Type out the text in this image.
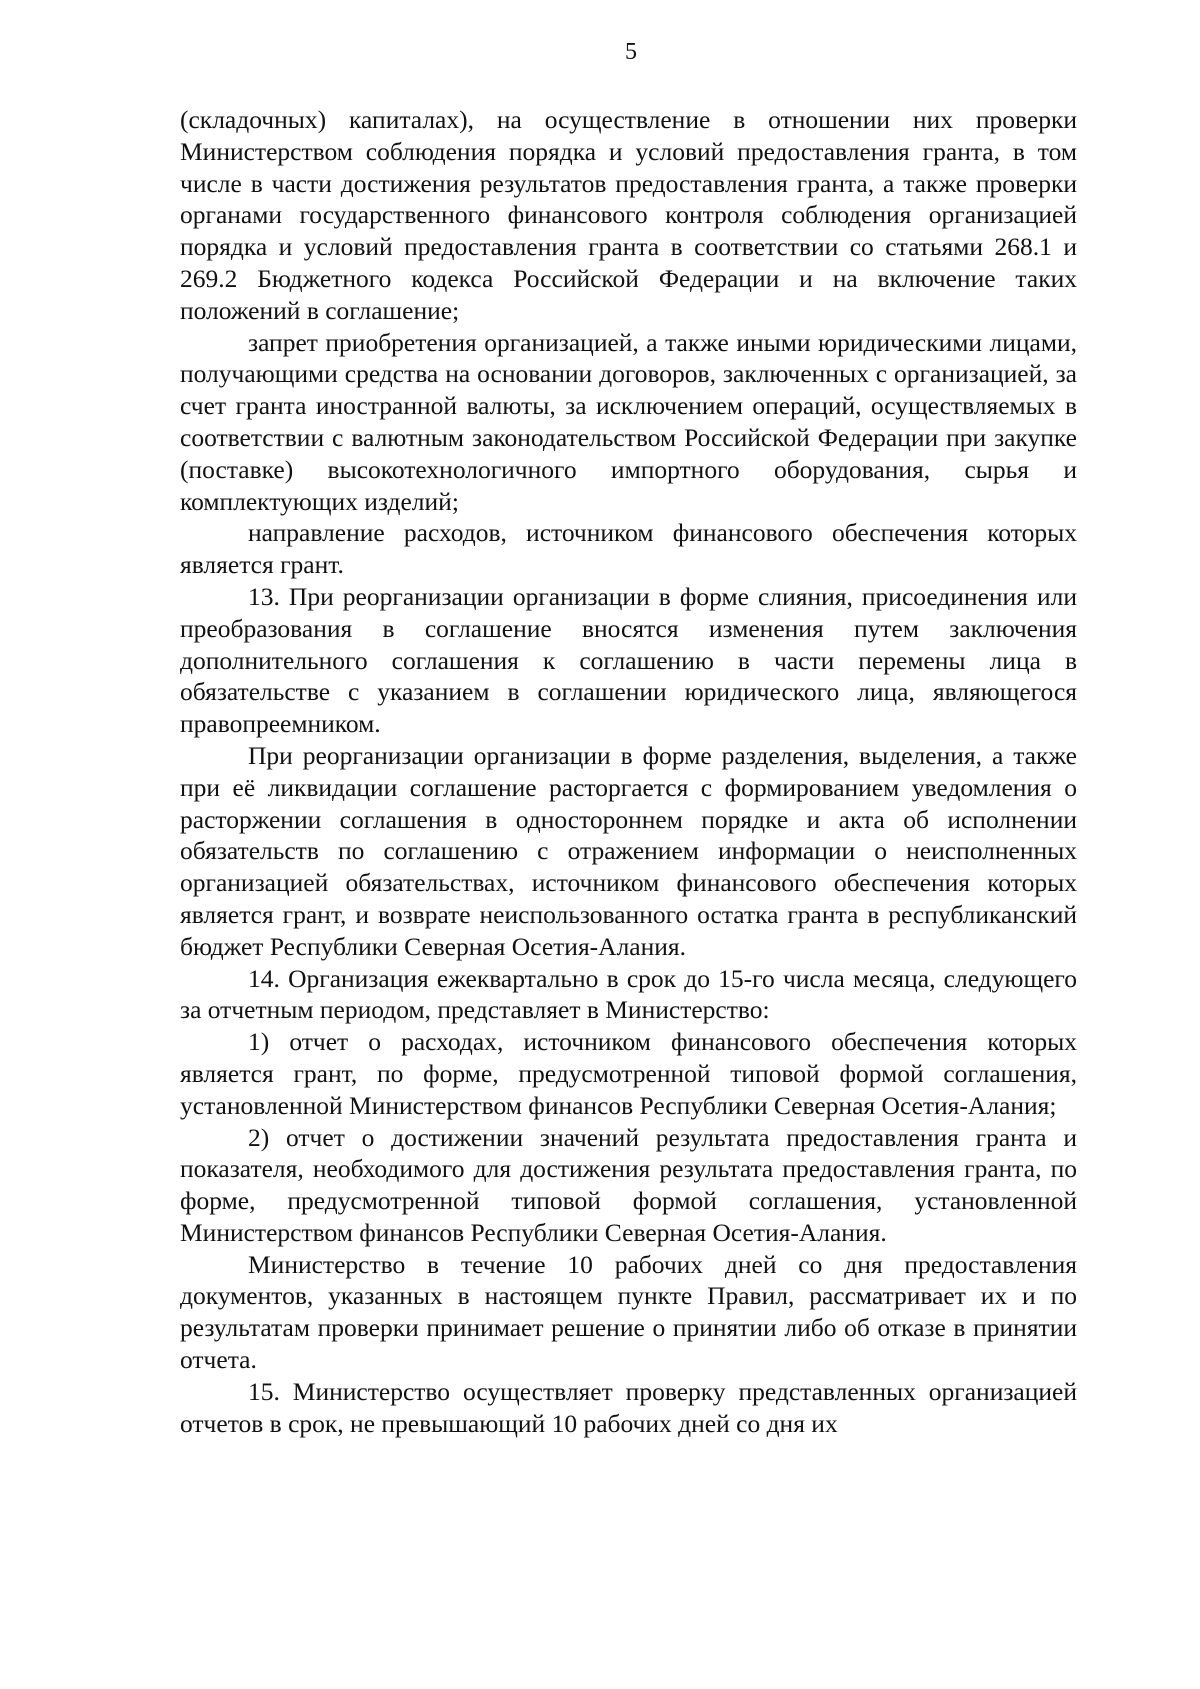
5

(складочных) капиталах), на осуществление в отношении них проверки Министерством соблюдения порядка и условий предоставления гранта, в том числе в части достижения результатов предоставления гранта, а также проверки органами государственного финансового контроля соблюдения организацией порядка и условий предоставления гранта в соответствии со статьями 268.1 и 269.2 Бюджетного кодекса Российской Федерации и на включение таких положений в соглашение;

запрет приобретения организацией, а также иными юридическими лицами, получающими средства на основании договоров, заключенных с организацией, за счет гранта иностранной валюты, за исключением операций, осуществляемых в соответствии с валютным законодательством Российской Федерации при закупке (поставке) высокотехнологичного импортного оборудования, сырья и комплектующих изделий;

направление расходов, источником финансового обеспечения которых является грант.

13. При реорганизации организации в форме слияния, присоединения или преобразования в соглашение вносятся изменения путем заключения дополнительного соглашения к соглашению в части перемены лица в обязательстве с указанием в соглашении юридического лица, являющегося правопреемником.

При реорганизации организации в форме разделения, выделения, а также при её ликвидации соглашение расторгается с формированием уведомления о расторжении соглашения в одностороннем порядке и акта об исполнении обязательств по соглашению с отражением информации о неисполненных организацией обязательствах, источником финансового обеспечения которых является грант, и возврате неиспользованного остатка гранта в республиканский бюджет Республики Северная Осетия-Алания.

14. Организация ежеквартально в срок до 15-го числа месяца, следующего за отчетным периодом, представляет в Министерство:

1) отчет о расходах, источником финансового обеспечения которых является грант, по форме, предусмотренной типовой формой соглашения, установленной Министерством финансов Республики Северная Осетия-Алания;

2) отчет о достижении значений результата предоставления гранта и показателя, необходимого для достижения результата предоставления гранта, по форме, предусмотренной типовой формой соглашения, установленной Министерством финансов Республики Северная Осетия-Алания.

Министерство в течение 10 рабочих дней со дня предоставления документов, указанных в настоящем пункте Правил, рассматривает их и по результатам проверки принимает решение о принятии либо об отказе в принятии отчета.

15. Министерство осуществляет проверку представленных организацией отчетов в срок, не превышающий 10 рабочих дней со дня их
